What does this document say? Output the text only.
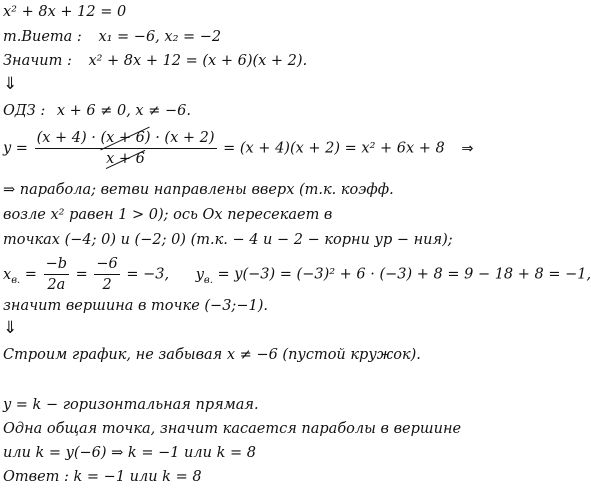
x² + 8x + 12 = 0
т.Виета : x₁ = −6, x₂ = −2
Значит : x² + 8x + 12 = (x + 6)(x + 2).
⇓
ОДЗ : x + 6 ≠ 0, x ≠ −6.
$y = \frac{(x + 4) \cdot (x + 6) \cdot (x + 2)}{x + 6} = (x + 4)(x + 2) = x^2 + 6x + 8$ ⇒
⇒ парабола; ветви направлены вверх (т.к. коэфф.
возле x² равен 1 > 0); ось Ox пересекает в
точках (−4; 0) и (−2; 0) (т.к. − 4 и − 2 − корни ур − ния);
$x_{в.} = \frac{-b}{2a} = \frac{-6}{2} = -3$, $y_{в.} = y(-3) = (-3)^2 + 6 \cdot (-3) + 8 = 9 - 18 + 8 = -1$,
значит вершина в точке (−3;−1).
⇓
Строим график, не забывая x ≠ −6 (пустой кружок).
y = k − горизонтальная прямая.
Одна общая точка, значит касается параболы в вершине
или k = y(−6) ⇒ k = −1 или k = 8
Ответ : k = −1 или k = 8
